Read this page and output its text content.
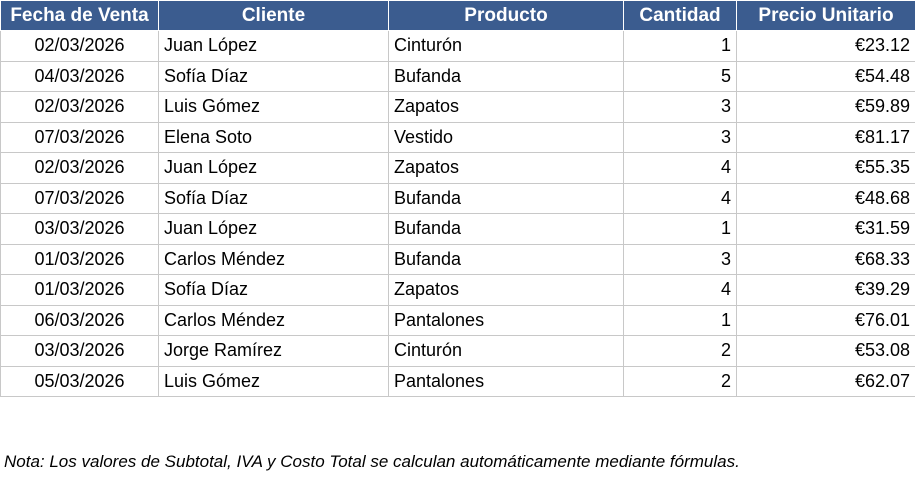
Fecha de Venta	Cliente	Producto	Cantidad	Precio Unitario
02/03/2026	Juan López	Cinturón	1	€23.12
04/03/2026	Sofía Díaz	Bufanda	5	€54.48
02/03/2026	Luis Gómez	Zapatos	3	€59.89
07/03/2026	Elena Soto	Vestido	3	€81.17
02/03/2026	Juan López	Zapatos	4	€55.35
07/03/2026	Sofía Díaz	Bufanda	4	€48.68
03/03/2026	Juan López	Bufanda	1	€31.59
01/03/2026	Carlos Méndez	Bufanda	3	€68.33
01/03/2026	Sofía Díaz	Zapatos	4	€39.29
06/03/2026	Carlos Méndez	Pantalones	1	€76.01
03/03/2026	Jorge Ramírez	Cinturón	2	€53.08
05/03/2026	Luis Gómez	Pantalones	2	€62.07
Nota: Los valores de Subtotal, IVA y Costo Total se calculan automáticamente mediante fórmulas.
